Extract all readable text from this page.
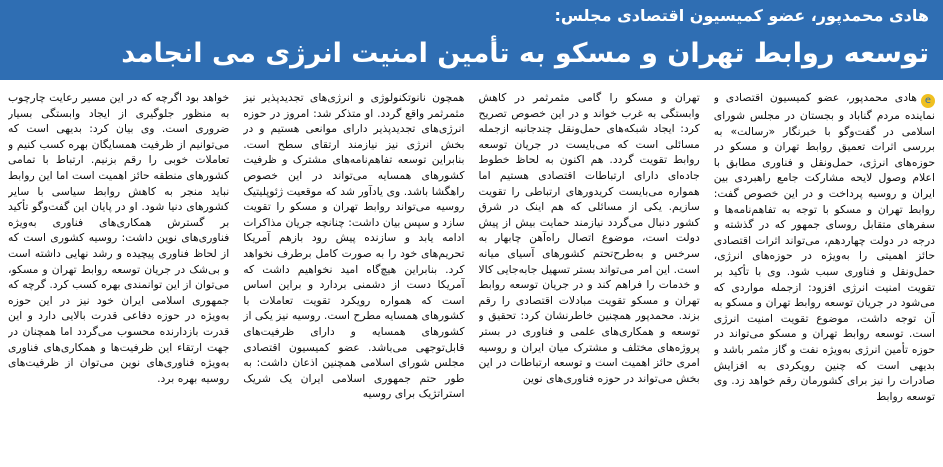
هادی محمدپور، عضو کمیسیون اقتصادی مجلس:
توسعه روابط تهران و مسکو به تأمین امنیت انرژی می انجامد
eهادی محمدپور، عضو کمیسیون اقتصادی و نماینده مردم گناباد و بجستان در مجلس شورای اسلامی در گفت‌وگو با خبرنگار «رسالت» به بررسی اثرات تعمیق روابط تهران و مسکو در حوزه‌های انرژی، حمل‌ونقل و فناوری مطابق با اعلام وصول لایحه مشارکت جامع راهبردی بین ایران و روسیه پرداخت و در این خصوص گفت: روابط تهران و مسکو با توجه به تفاهم‌نامه‌ها و سفرهای متقابل روسای جمهور که در گذشته و درجه در دولت چهاردهم، می‌تواند اثرات اقتصادی حائز اهمیتی را به‌ویژه در حوزه‌های انرژی، حمل‌ونقل و فناوری سبب شود. وی با تأکید بر تقویت امنیت انرژی افزود: ازجمله مواردی که می‌شود در جریان توسعه روابط تهران و مسکو به آن توجه داشت، موضوع تقویت امنیت انرژی است. توسعه روابط تهران و مسکو می‌تواند در حوزه تأمین انرژی به‌ویژه نفت و گاز مثمر باشد و بدیهی است که چنین رویکردی به افزایش صادرات را نیز برای کشورمان رقم خواهد زد. وی توسعه روابط
تهران و مسکو را گامی مثمرثمر در کاهش وابستگی به غرب خواند و در این خصوص تصریح کرد: ایجاد شبکه‌های حمل‌ونقل چندجانبه ازجمله مسائلی است که می‌بایست در جریان توسعه روابط تقویت گردد. هم اکنون به لحاظ خطوط جاده‌ای دارای ارتباطات اقتصادی هستیم اما همواره می‌بایست کریدورهای ارتباطی را تقویت سازیم. یکی از مسائلی که هم اینک در شرق کشور دنبال می‌گردد نیازمند حمایت بیش از پیش دولت است، موضوع اتصال راه‌آهن چابهار به سرخس و به‌طرح‌تحتم کشورهای آسیای میانه است. این امر می‌تواند بستر تسهیل جابه‌جایی کالا و خدمات را فراهم کند و در جریان توسعه روابط تهران و مسکو تقویت مبادلات اقتصادی را رقم بزند. محمدپور همچنین خاطرنشان کرد: تحقیق و توسعه و همکاری‌های علمی و فناوری در بستر پروژه‌های مختلف و مشترک میان ایران و روسیه امری حائز اهمیت است و توسعه ارتباطات در این بخش می‌تواند در حوزه فناوری‌های نوین
همچون نانوتکنولوژی و انرژی‌های تجدیدپذیر نیز مثمرثمر واقع گردد. او متذکر شد: امروز در حوزه انرژی‌های تجدیدپذیر دارای موانعی هستیم و در بخش انرژی نیز نیازمند ارتقای سطح است. بنابراین توسعه تفاهم‌نامه‌های مشترک و ظرفیت کشورهای همسایه می‌تواند در این خصوص راهگشا باشد. وی یادآور شد که موقعیت ژئوپلیتیک روسیه می‌تواند روابط تهران و مسکو را تقویت سازد و سپس بیان داشت: چنانچه جریان مذاکرات ادامه یابد و سازنده پیش رود بازهم آمریکا تحریم‌های خود را به صورت کامل برطرف نخواهد کرد. بنابراین هیچ‌گاه امید نخواهیم داشت که آمریکا دست از دشمنی بردارد و براین اساس است که همواره رویکرد تقویت تعاملات با کشورهای همسایه مطرح است. روسیه نیز یکی از کشورهای همسایه و دارای ظرفیت‌های قابل‌توجهی می‌باشد. عضو کمیسیون اقتصادی مجلس شورای اسلامی همچنین اذعان داشت: به طور حتم جمهوری اسلامی ایران یک شریک استراتژیک برای روسیه
خواهد بود اگرچه که در این مسیر رعایت چارچوب به منظور جلوگیری از ایجاد وابستگی بسیار ضروری است. وی بیان کرد: بدیهی است که می‌توانیم از ظرفیت همسایگان بهره کسب کنیم و تعاملات خوبی را رقم بزنیم. ارتباط با تمامی کشورهای منطقه حائز اهمیت است اما این روابط نباید منجر به کاهش روابط سیاسی با سایر کشورهای دنیا شود. او در پایان این گفت‌وگو تأکید بر گسترش همکاری‌های فناوری به‌ویژه فناوری‌های نوین داشت: روسیه کشوری است که از لحاظ فناوری پیچیده و رشد نهایی داشته است و بی‌شک در جریان توسعه روابط تهران و مسکو، می‌توان از این توانمندی بهره کسب کرد. گرچه که جمهوری اسلامی ایران خود نیز در این حوزه به‌ویژه در حوزه دفاعی قدرت بالایی دارد و این قدرت بازدارنده محسوب می‌گردد اما همچنان در جهت ارتقاء این ظرفیت‌ها و همکاری‌های فناوری به‌ویژه فناوری‌های نوین می‌توان از ظرفیت‌های روسیه بهره برد.
